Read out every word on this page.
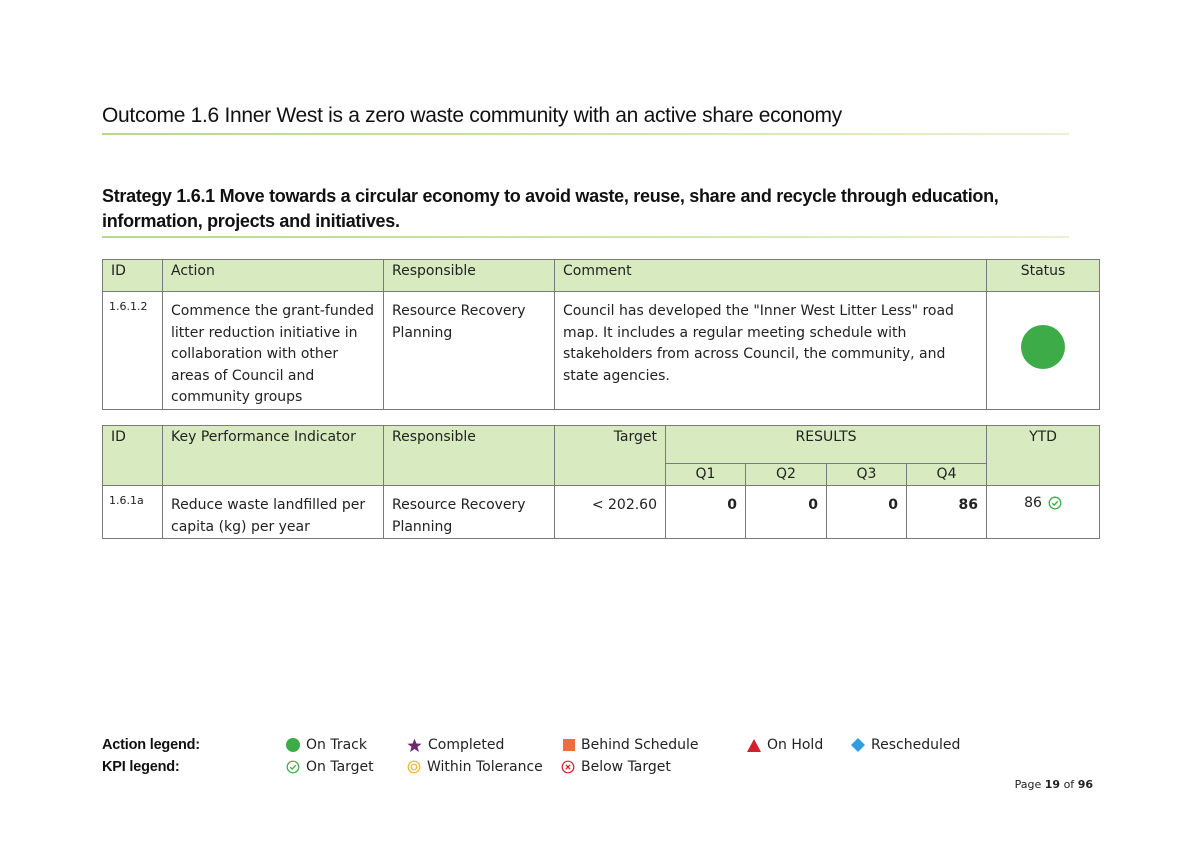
Outcome 1.6 Inner West is a zero waste community with an active share economy
Strategy 1.6.1 Move towards a circular economy to avoid waste, reuse, share and recycle through education, information, projects and initiatives.
ID	Action	Responsible	Comment	Status
1.6.1.2	Commence the grant-funded litter reduction initiative in collaboration with other areas of Council and community groups	Resource Recovery Planning	Council has developed the "Inner West Litter Less" road map. It includes a regular meeting schedule with stakeholders from across Council, the community, and state agencies.	
ID	Key Performance Indicator	Responsible	Target	RESULTS				YTD
				Q1	Q2	Q3	Q4	
1.6.1a	Reduce waste landfilled per capita (kg) per year	Resource Recovery Planning	< 202.60	0	0	0	86	86
Action legend:
KPI legend:
On Track	Completed	Behind Schedule	On Hold	Rescheduled
On Target	Within Tolerance	Below Target
Page 19 of 96
